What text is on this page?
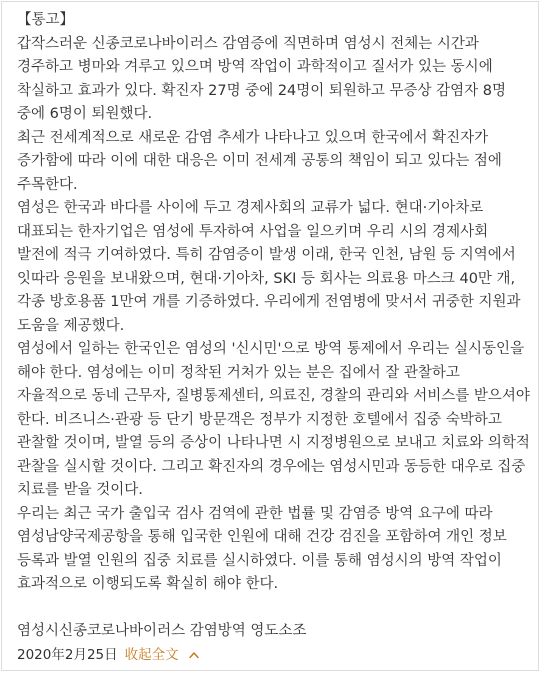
【통고】

갑작스러운 신종코로나바이러스 감염증에 직면하며 염성시 전체는 시간과 경주하고 병마와 겨루고 있으며 방역 작업이 과학적이고 질서가 있는 동시에 착실하고 효과가 있다. 확진자 27명 중에 24명이 퇴원하고 무증상 감염자 8명 중에 6명이 퇴원했다.

최근 전세계적으로 새로운 감염 추세가 나타나고 있으며 한국에서 확진자가 증가함에 따라 이에 대한 대응은 이미 전세계 공통의 책임이 되고 있다는 점에 주목한다.

염성은 한국과 바다를 사이에 두고 경제사회의 교류가 넓다. 현대·기아차로 대표되는 한자기업은 염성에 투자하여 사업을 일으키며 우리 시의 경제사회 발전에 적극 기여하였다. 특히 감염증이 발생 이래, 한국 인천, 남원 등 지역에서 잇따라 응원을 보내왔으며, 현대·기아차, SKI 등 회사는 의료용 마스크 40만 개, 각종 방호용품 1만여 개를 기증하였다. 우리에게 전염병에 맞서서 귀중한 지원과 도움을 제공했다.

염성에서 일하는 한국인은 염성의 '신시민'으로 방역 통제에서 우리는 실시동인을 해야 한다. 염성에는 이미 정착된 거처가 있는 분은 집에서 잘 관찰하고 자율적으로 동네 근무자, 질병통제센터, 의료진, 경찰의 관리와 서비스를 받으셔야 한다. 비즈니스·관광 등 단기 방문객은 정부가 지정한 호텔에서 집중 숙박하고 관찰할 것이며, 발열 등의 증상이 나타나면 시 지정병원으로 보내고 치료와 의학적 관찰을 실시할 것이다. 그리고 확진자의 경우에는 염성시민과 동등한 대우로 집중 치료를 받을 것이다.

우리는 최근 국가 출입국 검사 검역에 관한 법률 및 감염증 방역 요구에 따라 염성남양국제공항을 통해 입국한 인원에 대해 건강 검진을 포함하여 개인 정보 등록과 발열 인원의 집중 치료를 실시하였다. 이를 통해 염성시의 방역 작업이 효과적으로 이행되도록 확실히 해야 한다.

염성시신종코로나바이러스 감염방역 영도소조
2020年2月25日 收起全文
